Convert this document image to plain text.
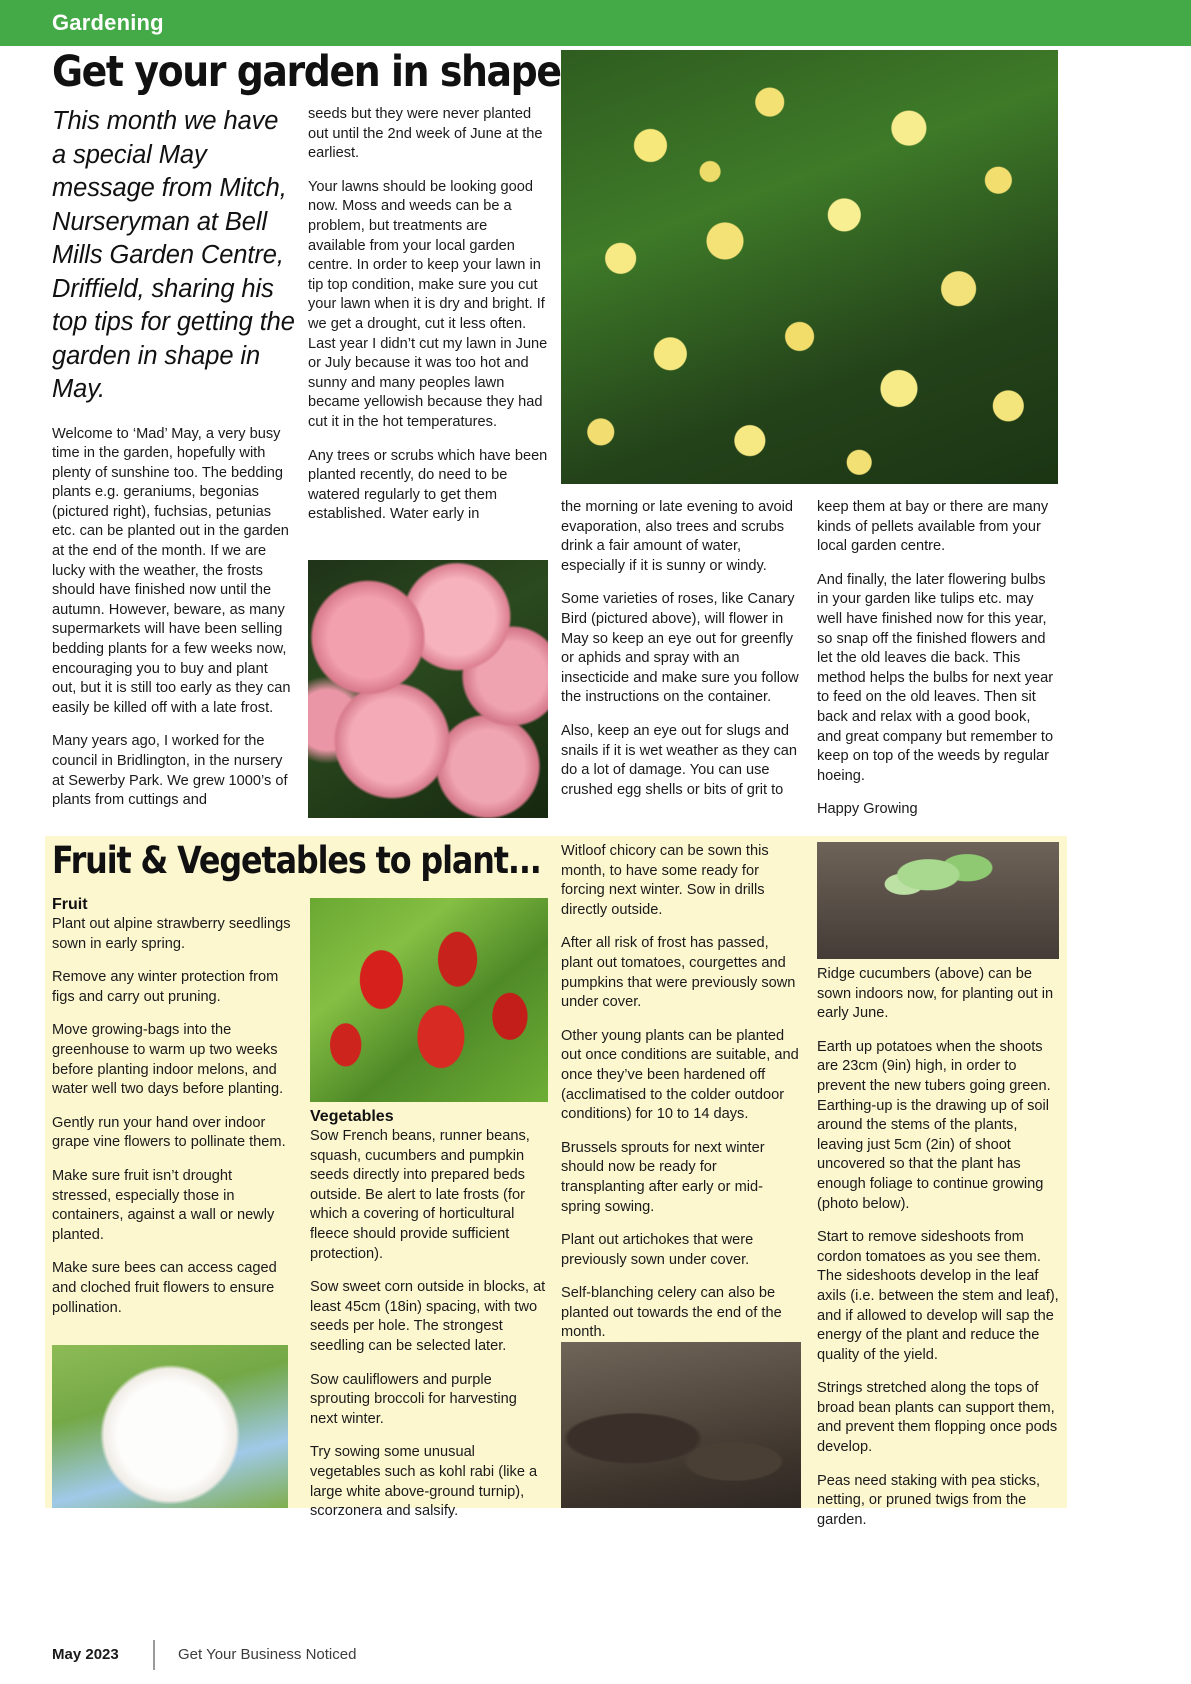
Gardening
Get your garden in shape
This month we have a special May message from Mitch, Nurseryman at Bell Mills Garden Centre, Driffield, sharing his top tips for getting the garden in shape in May.

Welcome to ‘Mad’ May, a very busy time in the garden, hopefully with plenty of sunshine too. The bedding plants e.g. geraniums, begonias (pictured right), fuchsias, petunias etc. can be planted out in the garden at the end of the month. If we are lucky with the weather, the frosts should have finished now until the autumn. However, beware, as many supermarkets will have been selling bedding plants for a few weeks now, encouraging you to buy and plant out, but it is still too early as they can easily be killed off with a late frost.

Many years ago, I worked for the council in Bridlington, in the nursery at Sewerby Park. We grew 1000’s of plants from cuttings and

seeds but they were never planted out until the 2nd week of June at the earliest.

Your lawns should be looking good now. Moss and weeds can be a problem, but treatments are available from your local garden centre. In order to keep your lawn in tip top condition, make sure you cut your lawn when it is dry and bright. If we get a drought, cut it less often. Last year I didn’t cut my lawn in June or July because it was too hot and sunny and many peoples lawn became yellowish because they had cut it in the hot temperatures.

Any trees or scrubs which have been planted recently, do need to be watered regularly to get them established. Water early in	the morning or late evening to avoid evaporation, also trees and scrubs drink a fair amount of water, especially if it is sunny or windy.

Some varieties of roses, like Canary Bird (pictured above), will flower in May so keep an eye out for greenfly or aphids and spray with an insecticide and make sure you follow the instructions on the container.

Also, keep an eye out for slugs and snails if it is wet weather as they can do a lot of damage. You can use crushed egg shells or bits of grit to

keep them at bay or there are many kinds of pellets available from your local garden centre.

And finally, the later flowering bulbs in your garden like tulips etc. may well have finished now for this year, so snap off the finished flowers and let the old leaves die back. This method helps the bulbs for next year to feed on the old leaves. Then sit back and relax with a good book, and great company but remember to keep on top of the weeds by regular hoeing.

Happy Growing

Fruit & Vegetables to plant...
Fruit

Plant out alpine strawberry seedlings sown in early spring.

Remove any winter protection from figs and carry out pruning.

Move growing-bags into the greenhouse to warm up two weeks before planting indoor melons, and water well two days before planting.

Gently run your hand over indoor grape vine flowers to pollinate them.

Make sure fruit isn’t drought stressed, especially those in containers, against a wall or newly planted.

Make sure bees can access caged and cloched fruit flowers to ensure pollination.

Vegetables

Sow French beans, runner beans, squash, cucumbers and pumpkin seeds directly into prepared beds outside. Be alert to late frosts (for which a covering of horticultural fleece should provide sufficient protection).

Sow sweet corn outside in blocks, at least 45cm (18in) spacing, with two seeds per hole. The strongest seedling can be selected later.

Sow cauliflowers and purple sprouting broccoli for harvesting next winter.

Try sowing some unusual vegetables such as kohl rabi (like a large white above-ground turnip), scorzonera and salsify.

Witloof chicory can be sown this month, to have some ready for forcing next winter. Sow in drills directly outside.

After all risk of frost has passed, plant out tomatoes, courgettes and pumpkins that were previously sown under cover.

Other young plants can be planted out once conditions are suitable, and once they’ve been hardened off (acclimatised to the colder outdoor conditions) for 10 to 14 days.

Brussels sprouts for next winter should now be ready for transplanting after early or mid-spring sowing.

Plant out artichokes that were previously sown under cover.

Self-blanching celery can also be planted out towards the end of the month.

Ridge cucumbers (above) can be sown indoors now, for planting out in early June.

Earth up potatoes when the shoots are 23cm (9in) high, in order to prevent the new tubers going green. Earthing-up is the drawing up of soil around the stems of the plants, leaving just 5cm (2in) of shoot uncovered so that the plant has enough foliage to continue growing (photo below).

Start to remove sideshoots from cordon tomatoes as you see them. The sideshoots develop in the leaf axils (i.e. between the stem and leaf), and if allowed to develop will sap the energy of the plant and reduce the quality of the yield.

Strings stretched along the tops of broad bean plants can support them, and prevent them flopping once pods develop.

Peas need staking with pea sticks, netting, or pruned twigs from the garden.

May 2023	Get Your Business Noticed
